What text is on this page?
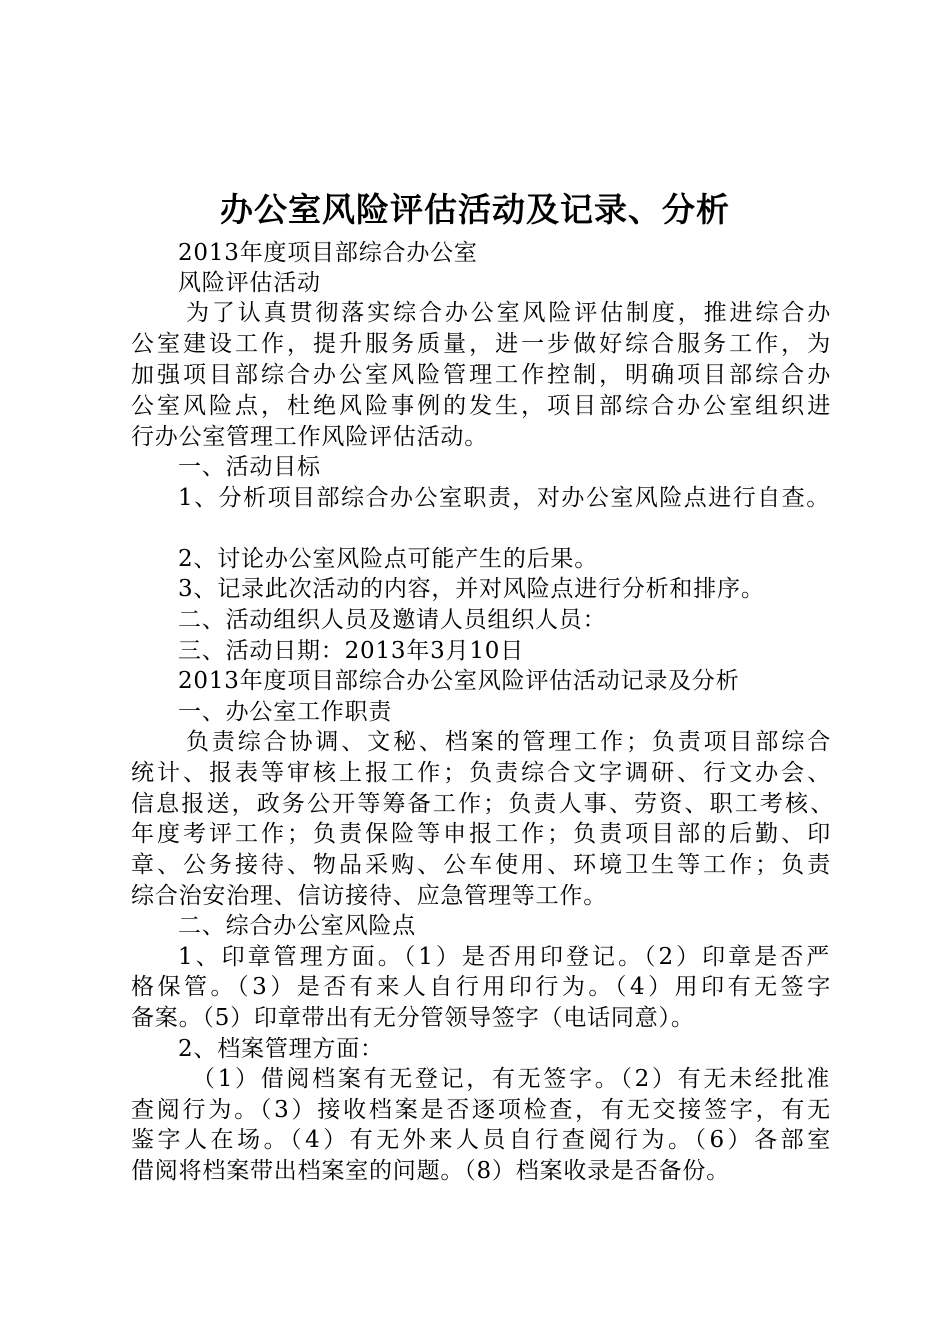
办公室风险评估活动及记录、分析
2013年度项目部综合办公室
风险评估活动
为了认真贯彻落实综合办公室风险评估制度，推进综合办
公室建设工作，提升服务质量，进一步做好综合服务工作，为
加强项目部综合办公室风险管理工作控制，明确项目部综合办
公室风险点，杜绝风险事例的发生，项目部综合办公室组织进
行办公室管理工作风险评估活动。
一、活动目标
1、分析项目部综合办公室职责，对办公室风险点进行自查。
2、讨论办公室风险点可能产生的后果。
3、记录此次活动的内容，并对风险点进行分析和排序。
二、活动组织人员及邀请人员组织人员：
三、活动日期：2013年3月10日
2013年度项目部综合办公室风险评估活动记录及分析
一、办公室工作职责
负责综合协调、文秘、档案的管理工作；负责项目部综合
统计、报表等审核上报工作；负责综合文字调研、行文办会、
信息报送，政务公开等筹备工作；负责人事、劳资、职工考核、
年度考评工作；负责保险等申报工作；负责项目部的后勤、印
章、公务接待、物品采购、公车使用、环境卫生等工作；负责
综合治安治理、信访接待、应急管理等工作。
二、综合办公室风险点
1、印章管理方面。（1）是否用印登记。（2）印章是否严
格保管。（3）是否有来人自行用印行为。（4）用印有无签字
备案。（5）印章带出有无分管领导签字（电话同意）。
2、档案管理方面：
（1）借阅档案有无登记，有无签字。（2）有无未经批准
查阅行为。（3）接收档案是否逐项检查，有无交接签字，有无
鉴字人在场。（4）有无外来人员自行查阅行为。（6）各部室
借阅将档案带出档案室的问题。（8）档案收录是否备份。
